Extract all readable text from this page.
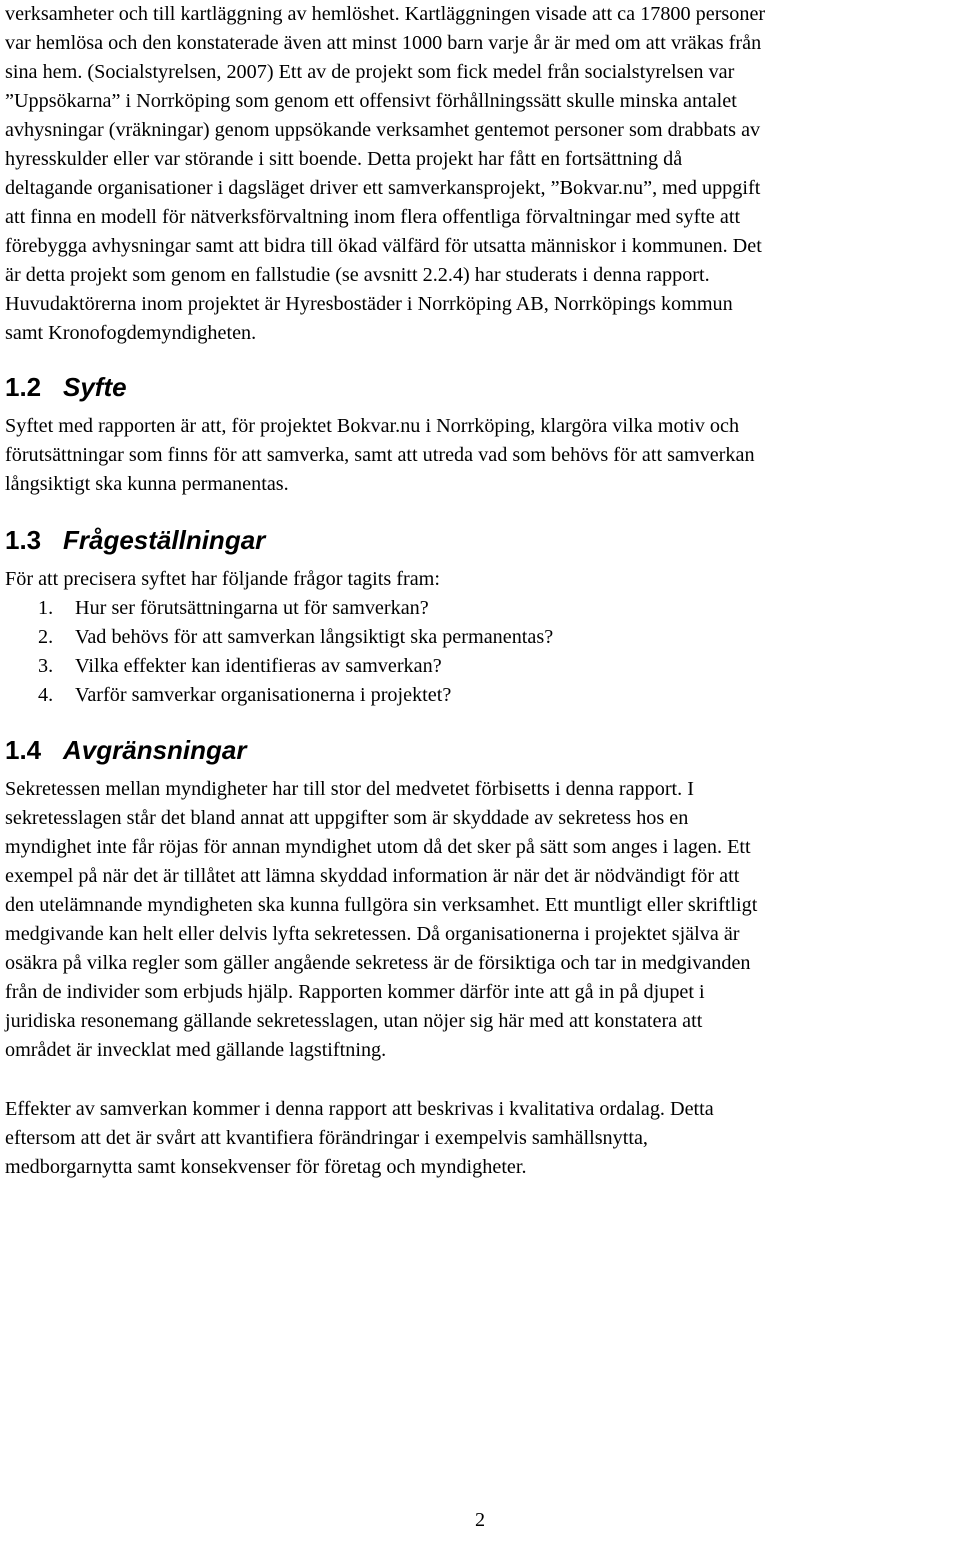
verksamheter och till kartläggning av hemlöshet. Kartläggningen visade att ca 17800 personer
var hemlösa och den konstaterade även att minst 1000 barn varje år är med om att vräkas från
sina hem. (Socialstyrelsen, 2007) Ett av de projekt som fick medel från socialstyrelsen var
”Uppsökarna” i Norrköping som genom ett offensivt förhållningssätt skulle minska antalet
avhysningar (vräkningar) genom uppsökande verksamhet gentemot personer som drabbats av
hyresskulder eller var störande i sitt boende. Detta projekt har fått en fortsättning då
deltagande organisationer i dagsläget driver ett samverkansprojekt, ”Bokvar.nu”, med uppgift
att finna en modell för nätverksförvaltning inom flera offentliga förvaltningar med syfte att
förebygga avhysningar samt att bidra till ökad välfärd för utsatta människor i kommunen. Det
är detta projekt som genom en fallstudie (se avsnitt 2.2.4) har studerats i denna rapport.
Huvudaktörerna inom projektet är Hyresbostäder i Norrköping AB, Norrköpings kommun
samt Kronofogdemyndigheten.
1.2 Syfte
Syftet med rapporten är att, för projektet Bokvar.nu i Norrköping, klargöra vilka motiv och
förutsättningar som finns för att samverka, samt att utreda vad som behövs för att samverkan
långsiktigt ska kunna permanentas.
1.3 Frågeställningar
För att precisera syftet har följande frågor tagits fram:
1. Hur ser förutsättningarna ut för samverkan?
2. Vad behövs för att samverkan långsiktigt ska permanentas?
3. Vilka effekter kan identifieras av samverkan?
4. Varför samverkar organisationerna i projektet?
1.4 Avgränsningar
Sekretessen mellan myndigheter har till stor del medvetet förbisetts i denna rapport. I
sekretesslagen står det bland annat att uppgifter som är skyddade av sekretess hos en
myndighet inte får röjas för annan myndighet utom då det sker på sätt som anges i lagen. Ett
exempel på när det är tillåtet att lämna skyddad information är när det är nödvändigt för att
den utelämnande myndigheten ska kunna fullgöra sin verksamhet. Ett muntligt eller skriftligt
medgivande kan helt eller delvis lyfta sekretessen. Då organisationerna i projektet själva är
osäkra på vilka regler som gäller angående sekretess är de försiktiga och tar in medgivanden
från de individer som erbjuds hjälp. Rapporten kommer därför inte att gå in på djupet i
juridiska resonemang gällande sekretesslagen, utan nöjer sig här med att konstatera att
området är invecklat med gällande lagstiftning.
Effekter av samverkan kommer i denna rapport att beskrivas i kvalitativa ordalag. Detta
eftersom att det är svårt att kvantifiera förändringar i exempelvis samhällsnytta,
medborgarnytta samt konsekvenser för företag och myndigheter.
2
